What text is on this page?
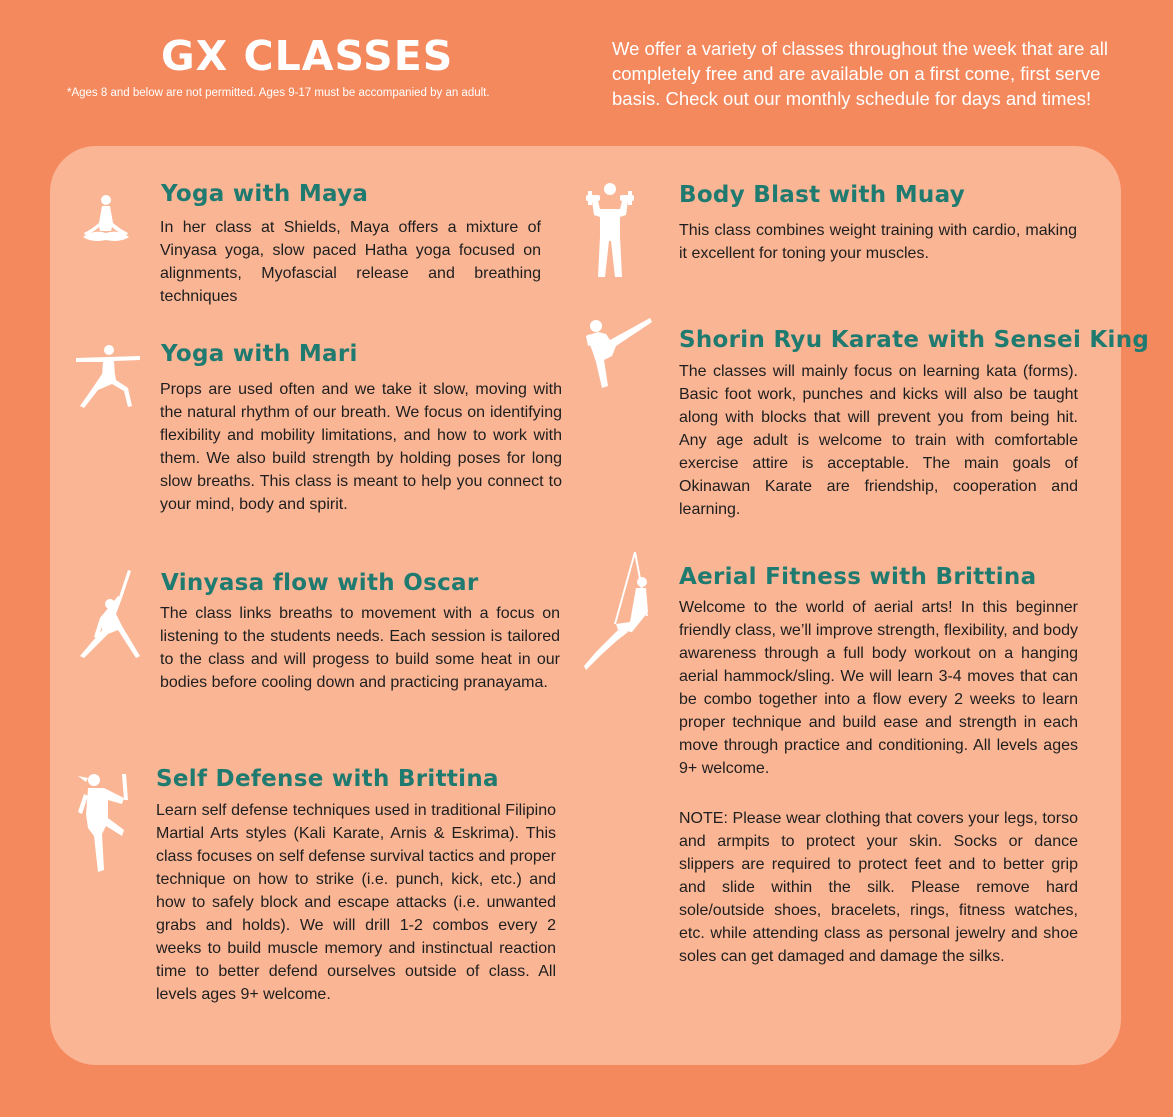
GX CLASSES

*Ages 8 and below are not permitted. Ages 9-17 must be accompanied by an adult.

We offer a variety of classes throughout the week that are all completely free and are available on a first come, first serve basis. Check out our monthly schedule for days and times!

Yoga with Maya

In her class at Shields, Maya offers a mixture of Vinyasa yoga, slow paced Hatha yoga focused on alignments, Myofascial release and breathing techniques

Yoga with Mari

Props are used often and we take it slow, moving with the natural rhythm of our breath. We focus on identifying flexibility and mobility limitations, and how to work with them. We also build strength by holding poses for long slow breaths. This class is meant to help you connect to your mind, body and spirit.

Vinyasa flow with Oscar

The class links breaths to movement with a focus on listening to the students needs. Each session is tailored to the class and will progess to build some heat in our bodies before cooling down and practicing pranayama.

Self Defense with Brittina

Learn self defense techniques used in traditional Filipino Martial Arts styles (Kali Karate, Arnis & Eskrima). This class focuses on self defense survival tactics and proper technique on how to strike (i.e. punch, kick, etc.) and how to safely block and escape attacks (i.e. unwanted grabs and holds). We will drill 1-2 combos every 2 weeks to build muscle memory and instinctual reaction time to better defend ourselves outside of class. All levels ages 9+ welcome.

Body Blast with Muay

This class combines weight training with cardio, making it excellent for toning your muscles.

Shorin Ryu Karate with Sensei King

The classes will mainly focus on learning kata (forms). Basic foot work, punches and kicks will also be taught along with blocks that will prevent you from being hit. Any age adult is welcome to train with comfortable exercise attire is acceptable. The main goals of Okinawan Karate are friendship, cooperation and learning.

Aerial Fitness with Brittina

Welcome to the world of aerial arts! In this beginner friendly class, we’ll improve strength, flexibility, and body awareness through a full body workout on a hanging aerial hammock/sling. We will learn 3-4 moves that can be combo together into a flow every 2 weeks to learn proper technique and build ease and strength in each move through practice and conditioning. All levels ages 9+ welcome.

NOTE: Please wear clothing that covers your legs, torso and armpits to protect your skin. Socks or dance slippers are required to protect feet and to better grip and slide within the silk. Please remove hard sole/outside shoes, bracelets, rings, fitness watches, etc. while attending class as personal jewelry and shoe soles can get damaged and damage the silks.
